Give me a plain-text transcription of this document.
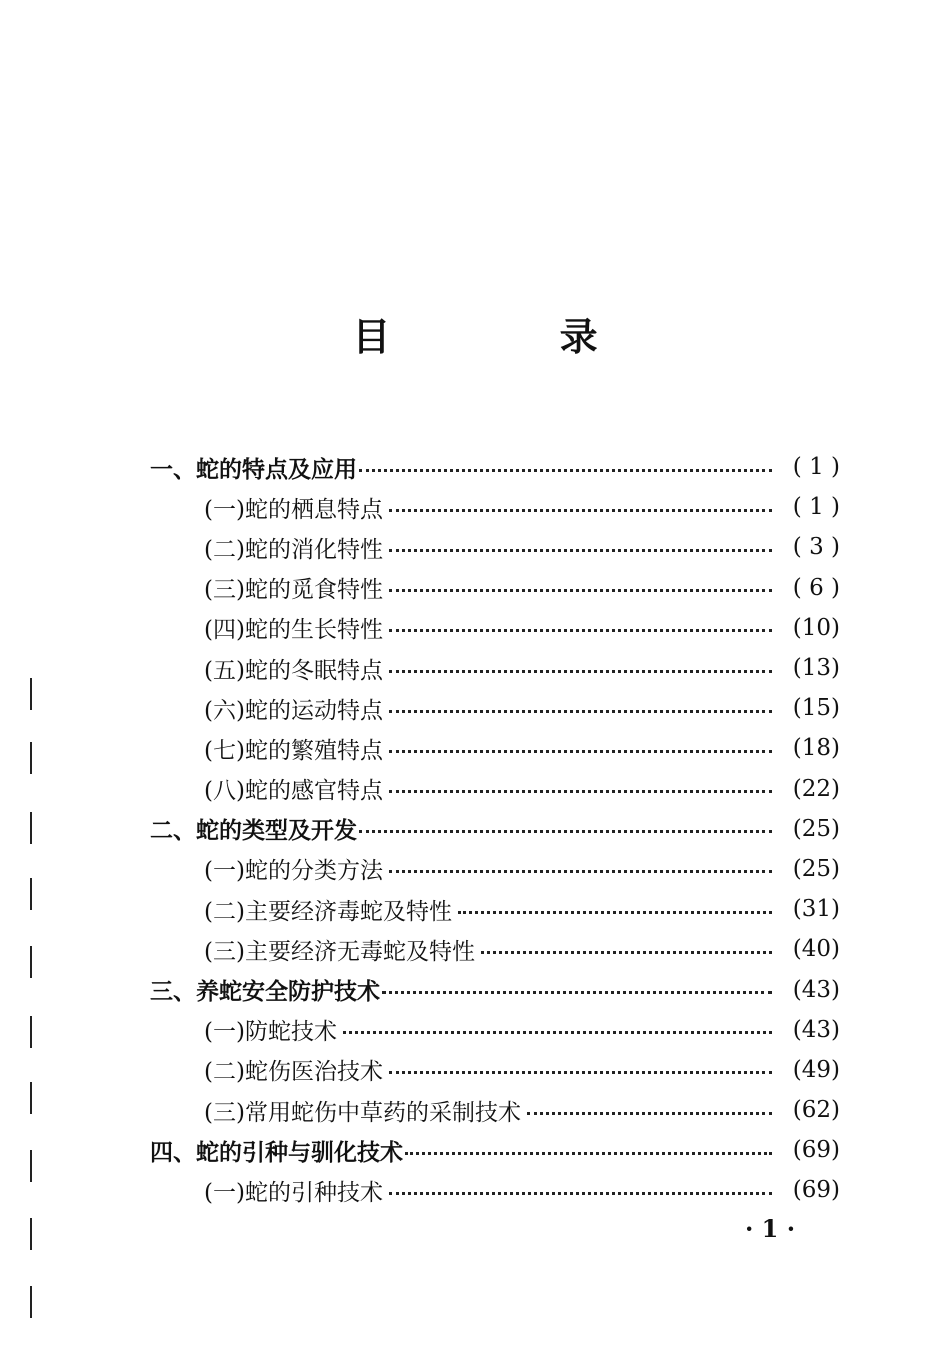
目 录
一、蛇的特点及应用	( 1 )
(一)蛇的栖息特点	( 1 )
(二)蛇的消化特性	( 3 )
(三)蛇的觅食特性	( 6 )
(四)蛇的生长特性	(10)
(五)蛇的冬眠特点	(13)
(六)蛇的运动特点	(15)
(七)蛇的繁殖特点	(18)
(八)蛇的感官特点	(22)
二、蛇的类型及开发	(25)
(一)蛇的分类方法	(25)
(二)主要经济毒蛇及特性	(31)
(三)主要经济无毒蛇及特性	(40)
三、养蛇安全防护技术	(43)
(一)防蛇技术	(43)
(二)蛇伤医治技术	(49)
(三)常用蛇伤中草药的采制技术	(62)
四、蛇的引种与驯化技术	(69)
(一)蛇的引种技术	(69)
· 1 ·
